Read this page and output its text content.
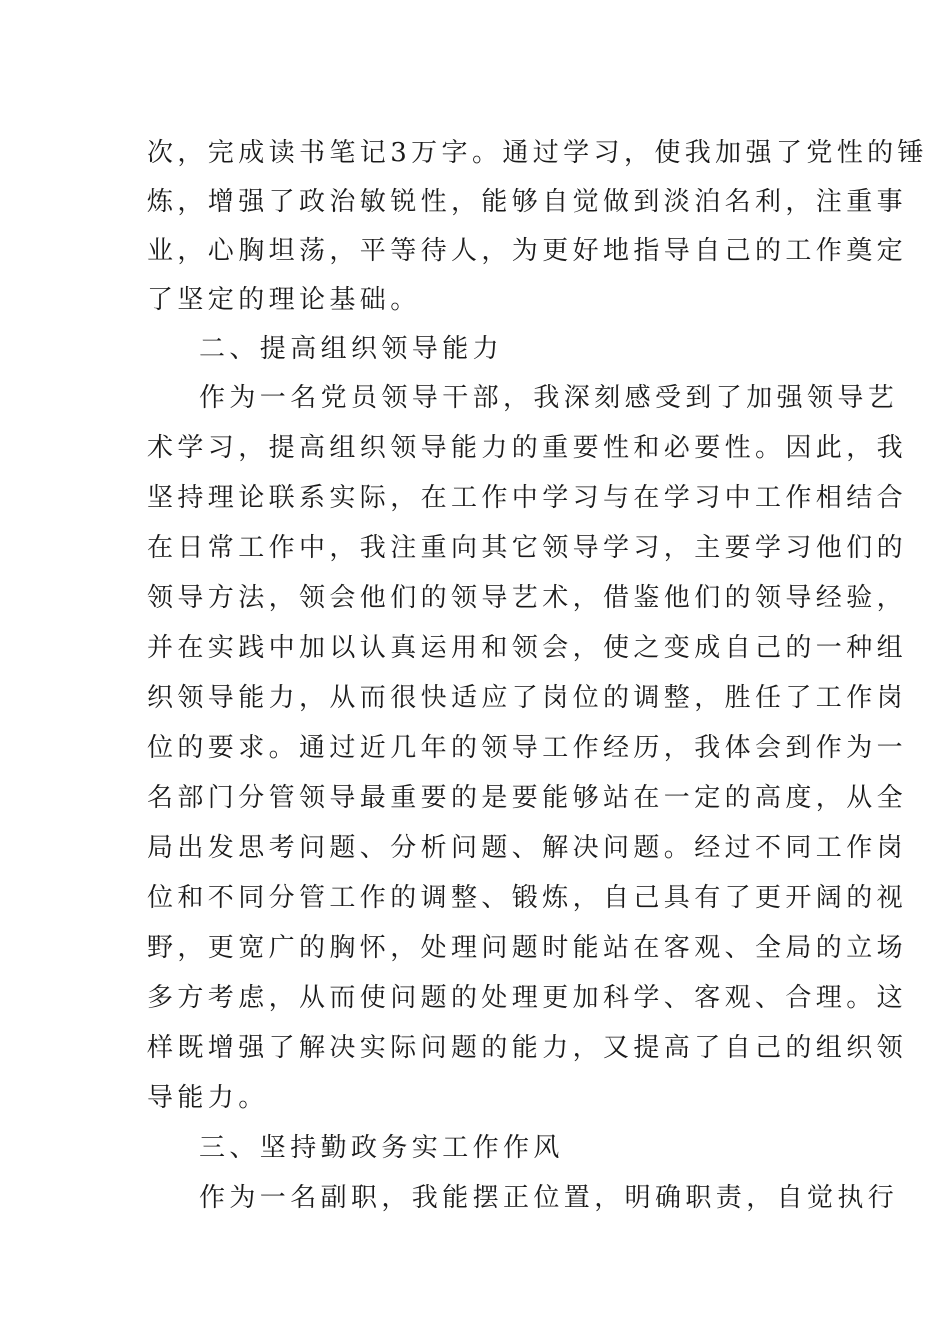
次，完成读书笔记3万字。通过学习，使我加强了党性的锤
炼，增强了政治敏锐性，能够自觉做到淡泊名利，注重事
业，心胸坦荡，平等待人，为更好地指导自己的工作奠定
了坚定的理论基础。
二、提高组织领导能力
作为一名党员领导干部，我深刻感受到了加强领导艺
术学习，提高组织领导能力的重要性和必要性。因此，我
坚持理论联系实际，在工作中学习与在学习中工作相结合
在日常工作中，我注重向其它领导学习，主要学习他们的
领导方法，领会他们的领导艺术，借鉴他们的领导经验，
并在实践中加以认真运用和领会，使之变成自己的一种组
织领导能力，从而很快适应了岗位的调整，胜任了工作岗
位的要求。通过近几年的领导工作经历，我体会到作为一
名部门分管领导最重要的是要能够站在一定的高度，从全
局出发思考问题、分析问题、解决问题。经过不同工作岗
位和不同分管工作的调整、锻炼，自己具有了更开阔的视
野，更宽广的胸怀，处理问题时能站在客观、全局的立场
多方考虑，从而使问题的处理更加科学、客观、合理。这
样既增强了解决实际问题的能力，又提高了自己的组织领
导能力。
三、坚持勤政务实工作作风
作为一名副职，我能摆正位置，明确职责，自觉执行
